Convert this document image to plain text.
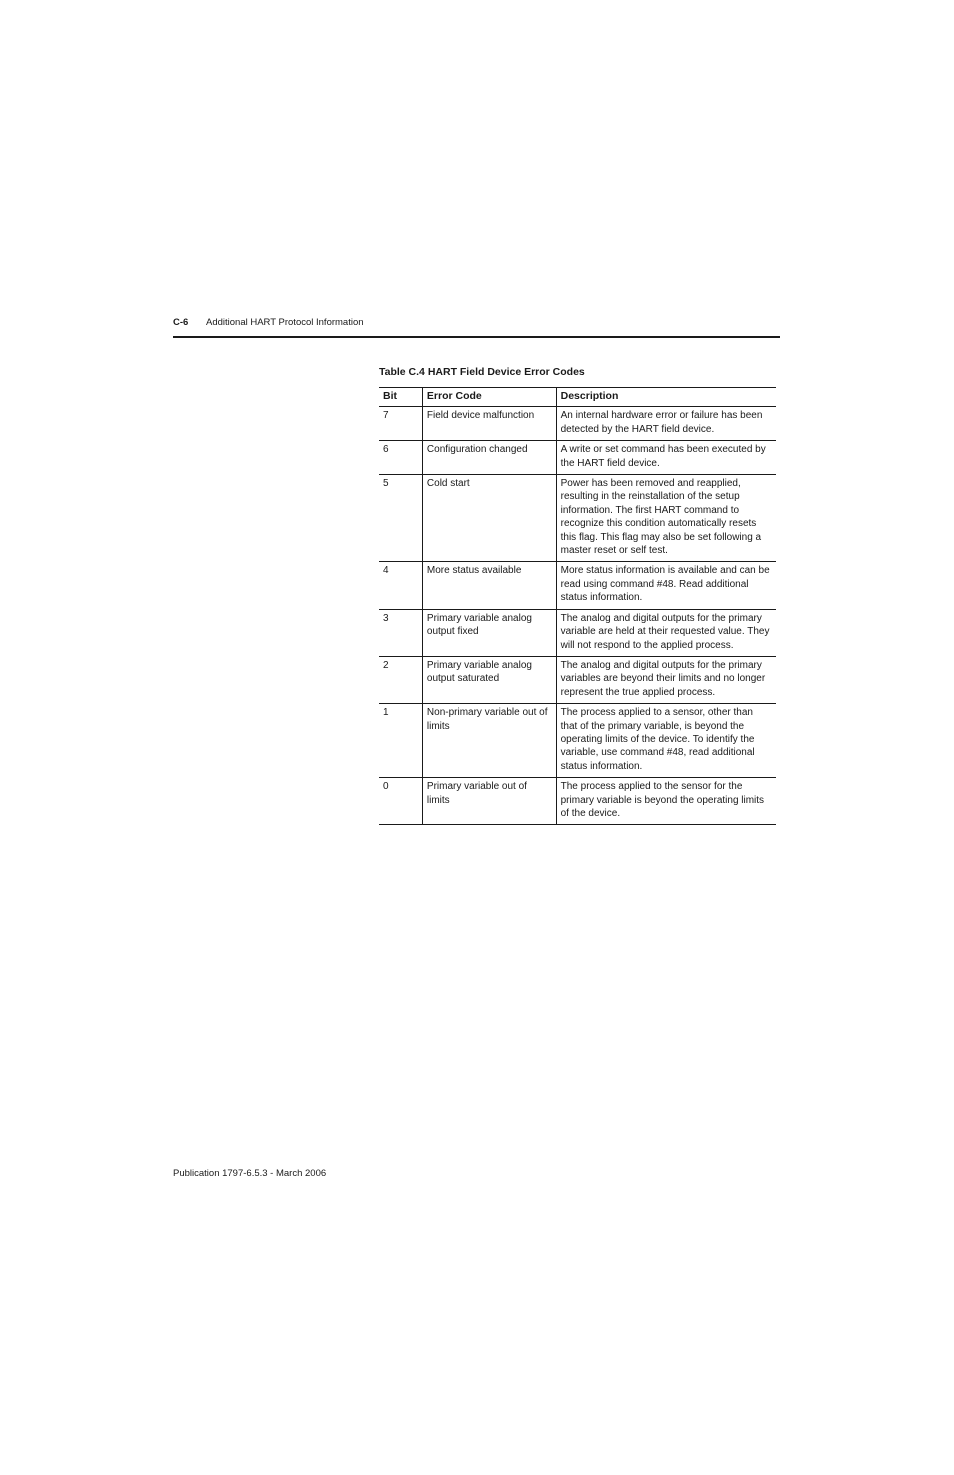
C-6 Additional HART Protocol Information
Table C.4 HART Field Device Error Codes
Bit	Error Code	Description
7	Field device malfunction	An internal hardware error or failure has been detected by the HART field device.
6	Configuration changed	A write or set command has been executed by the HART field device.
5	Cold start	Power has been removed and reapplied, resulting in the reinstallation of the setup information. The first HART command to recognize this condition automatically resets this flag. This flag may also be set following a master reset or self test.
4	More status available	More status information is available and can be read using command #48. Read additional status information.
3	Primary variable analog output fixed	The analog and digital outputs for the primary variable are held at their requested value. They will not respond to the applied process.
2	Primary variable analog output saturated	The analog and digital outputs for the primary variables are beyond their limits and no longer represent the true applied process.
1	Non-primary variable out of limits	The process applied to a sensor, other than that of the primary variable, is beyond the operating limits of the device. To identify the variable, use command #48, read additional status information.
0	Primary variable out of limits	The process applied to the sensor for the primary variable is beyond the operating limits of the device.
Publication 1797-6.5.3 - March 2006
